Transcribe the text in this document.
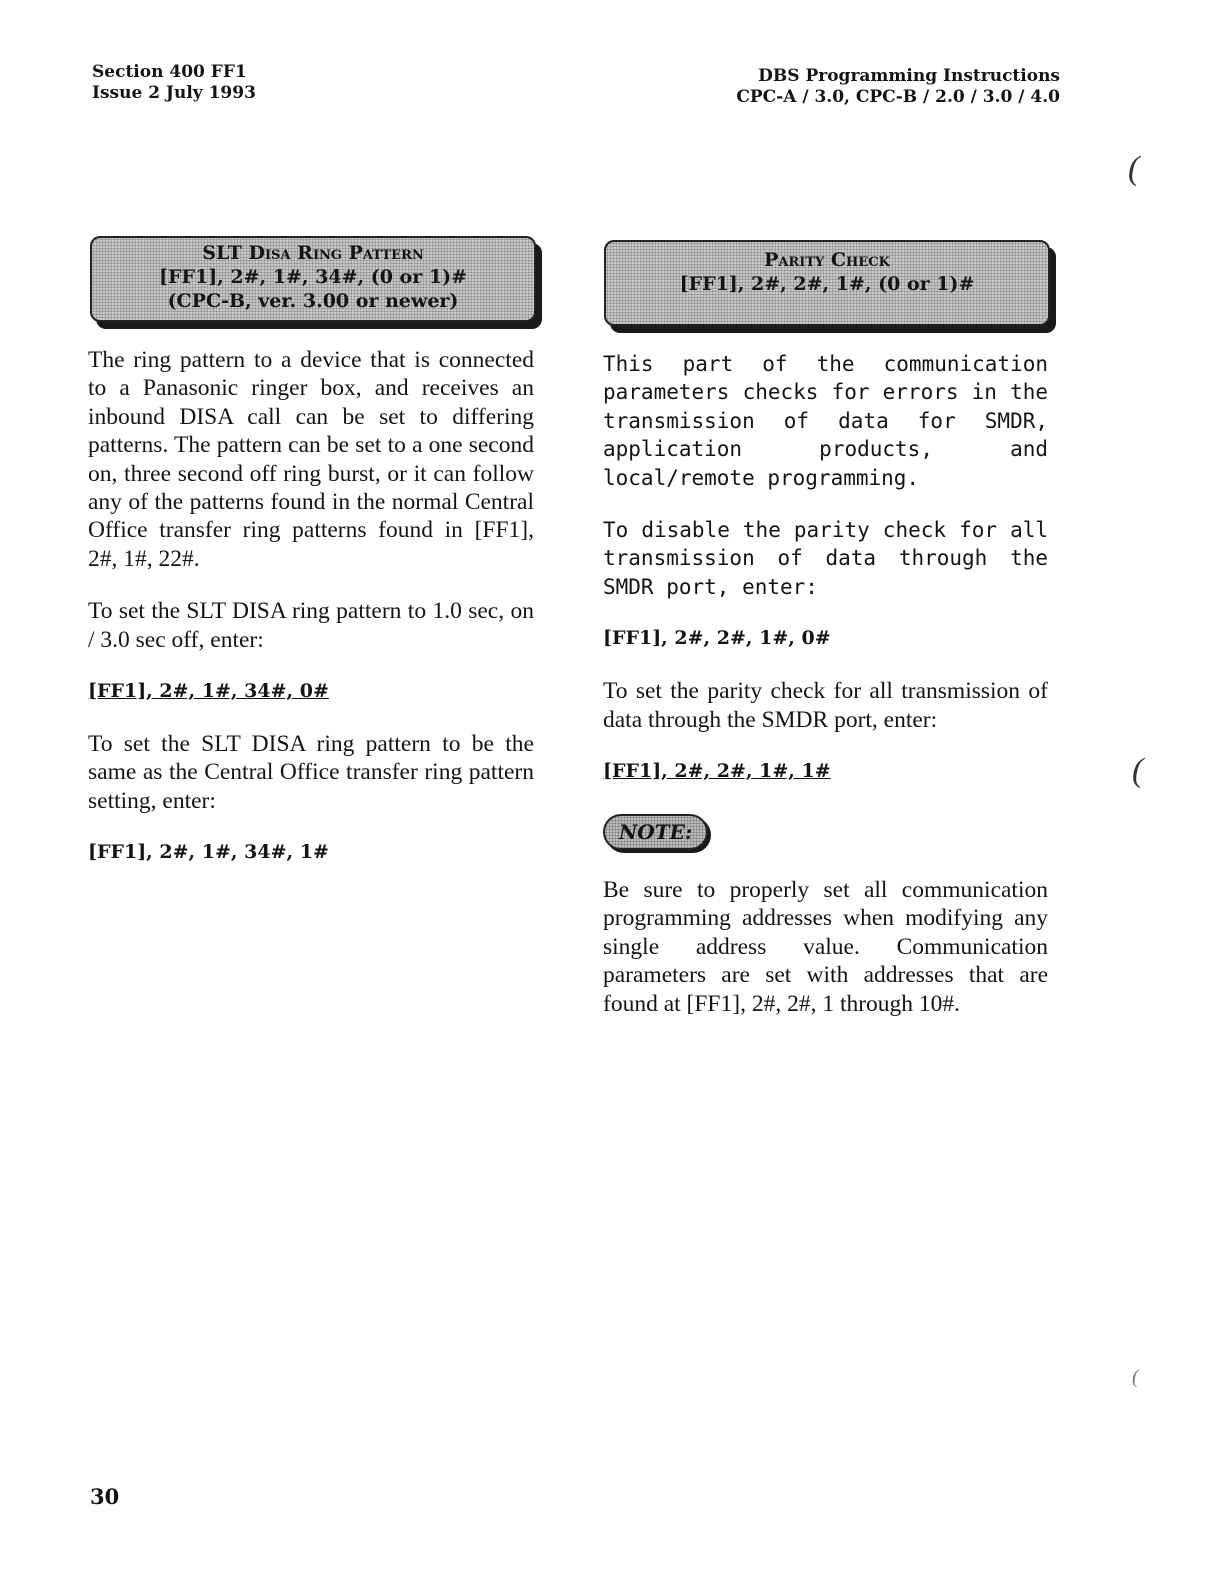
Section 400 FF1
Issue 2 July 1993
DBS Programming Instructions
CPC-A / 3.0, CPC-B / 2.0 / 3.0 / 4.0
SLT Disa Ring Pattern
[FF1], 2#, 1#, 34#, (0 or 1)#
(CPC-B, ver. 3.00 or newer)
Parity Check
[FF1], 2#, 2#, 1#, (0 or 1)#

The ring pattern to a device that is connected to a Panasonic ringer box, and receives an inbound DISA call can be set to differing patterns. The pattern can be set to a one second on, three second off ring burst, or it can follow any of the patterns found in the normal Central Office transfer ring patterns found in [FF1], 2#, 1#, 22#.

To set the SLT DISA ring pattern to 1.0 sec, on / 3.0 sec off, enter:

[FF1], 2#, 1#, 34#, 0#

To set the SLT DISA ring pattern to be the same as the Central Office transfer ring pattern setting, enter:

[FF1], 2#, 1#, 34#, 1#

This part of the communication parameters checks for errors in the transmission of data for SMDR, application products, and local/remote programming.

To disable the parity check for all transmission of data through the SMDR port, enter:

[FF1], 2#, 2#, 1#, 0#

To set the parity check for all transmission of data through the SMDR port, enter:

[FF1], 2#, 2#, 1#, 1#
NOTE:

Be sure to properly set all communication programming addresses when modifying any single address value. Communication parameters are set with addresses that are found at [FF1], 2#, 2#, 1 through 10#.

(
(
(
30
